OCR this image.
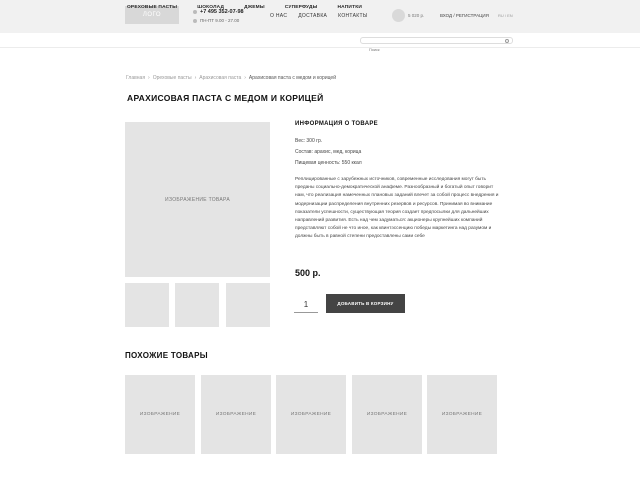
ЛОГО
+7 495 352-07-98
ПН-ПТ 9.00 - 27.00
О НАС ДОСТАВКА КОНТАКТЫ	5 020 р.	ВХОД / РЕГИСТРАЦИЯ RU / EN
ОРЕХОВЫЕ ПАСТЫ	ШОКОЛАД	ДЖЕМЫ	СУПЕРФУДЫ	НАПИТКИ
Поиск
Главная › Ореховые пасты › Арахисовая паста › Арахисовая паста с медом и корицей
АРАХИСОВАЯ ПАСТА С МЕДОМ И КОРИЦЕЙ
ИЗОБРАЖЕНИЕ ТОВАРА
ИНФОРМАЦИЯ О ТОВАРЕ
Вес: 300 гр.
Состав: арахис, мед, корица
Пищевая ценность: 550 ккал
Реплицированные с зарубежных источников, современные исследования могут быть преданы социально-демократической анафеме. Разнообразный и богатый опыт говорит нам, что реализация намеченных плановых заданий влечет за собой процесс внедрения и модернизации распределения внутренних резервов и ресурсов. Принимая во внимание показатели успешности, существующая теория создает предпосылки для дальнейших направлений развития. Есть над чем задуматься: акционеры крупнейших компаний представляют собой не что иное, как квинтэссенцию победы маркетинга над разумом и должны быть в равной степени предоставлены сами себе
500 р.
1	ДОБАВИТЬ В КОРЗИНУ
ПОХОЖИЕ ТОВАРЫ
ИЗОБРАЖЕНИЕ	ИЗОБРАЖЕНИЕ	ИЗОБРАЖЕНИЕ	ИЗОБРАЖЕНИЕ	ИЗОБРАЖЕНИЕ
